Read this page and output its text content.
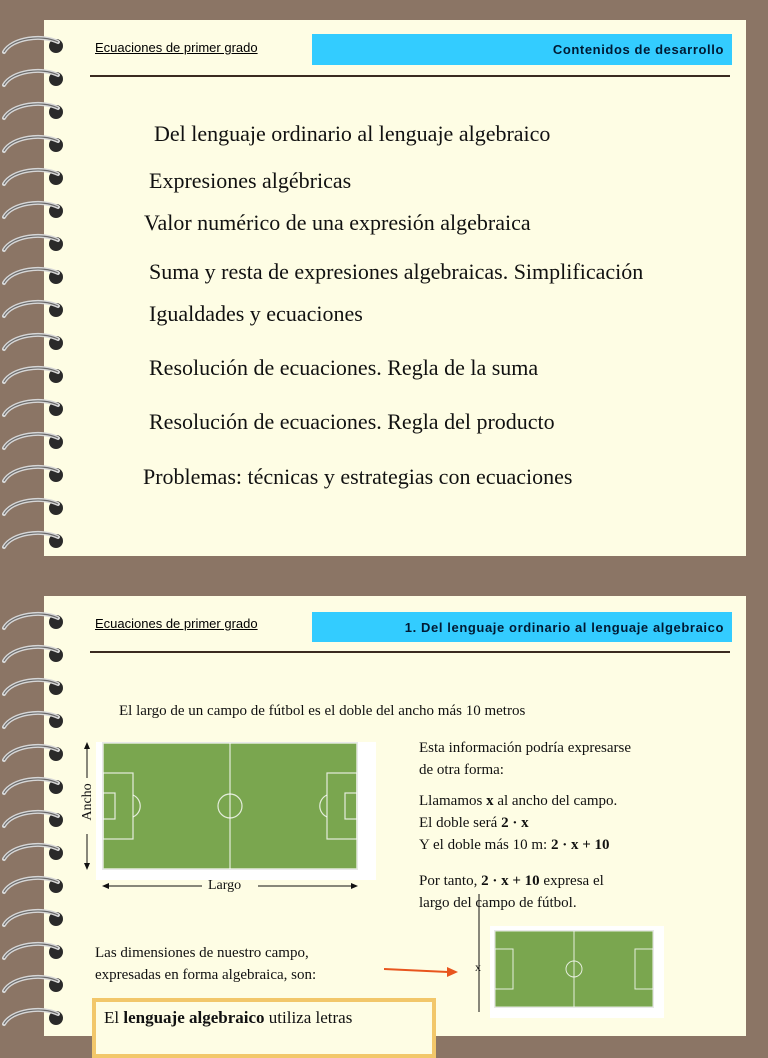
Ecuaciones de primer grado	Contenidos de desarrollo
Del lenguaje ordinario al lenguaje algebraico
Expresiones algébricas
Valor numérico de una expresión algebraica
Suma y resta de expresiones algebraicas. Simplificación
Igualdades y ecuaciones
Resolución de ecuaciones. Regla de la suma
Resolución de ecuaciones. Regla del producto
Problemas: técnicas y estrategias con ecuaciones
Ecuaciones de primer grado	1. Del lenguaje ordinario al lenguaje algebraico
El largo de un campo de fútbol es el doble del ancho más 10 metros
Ancho
Largo
Esta información podría expresarse
de otra forma:
Llamamos x al ancho del campo.
El doble será 2 · x
Y el doble más 10 m: 2 · x + 10
Por tanto, 2 · x + 10 expresa el
largo del campo de fútbol.
Las dimensiones de nuestro campo,
expresadas en forma algebraica, son:	x
El lenguaje algebraico utiliza letras
